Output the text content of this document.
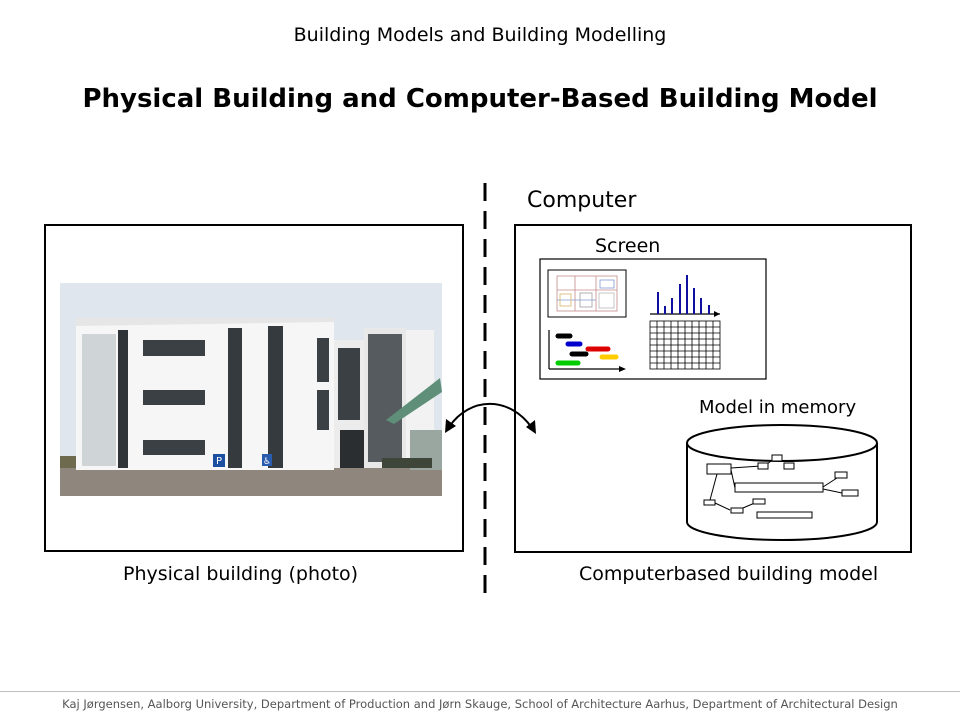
Building Models and Building Modelling
Physical Building and Computer-Based Building Model
P	♿
Computer
Screen
Model in memory
Physical building (photo)	Computerbased building model
Kaj Jørgensen, Aalborg University, Department of Production and Jørn Skauge, School of Architecture Aarhus, Department of Architectural Design
